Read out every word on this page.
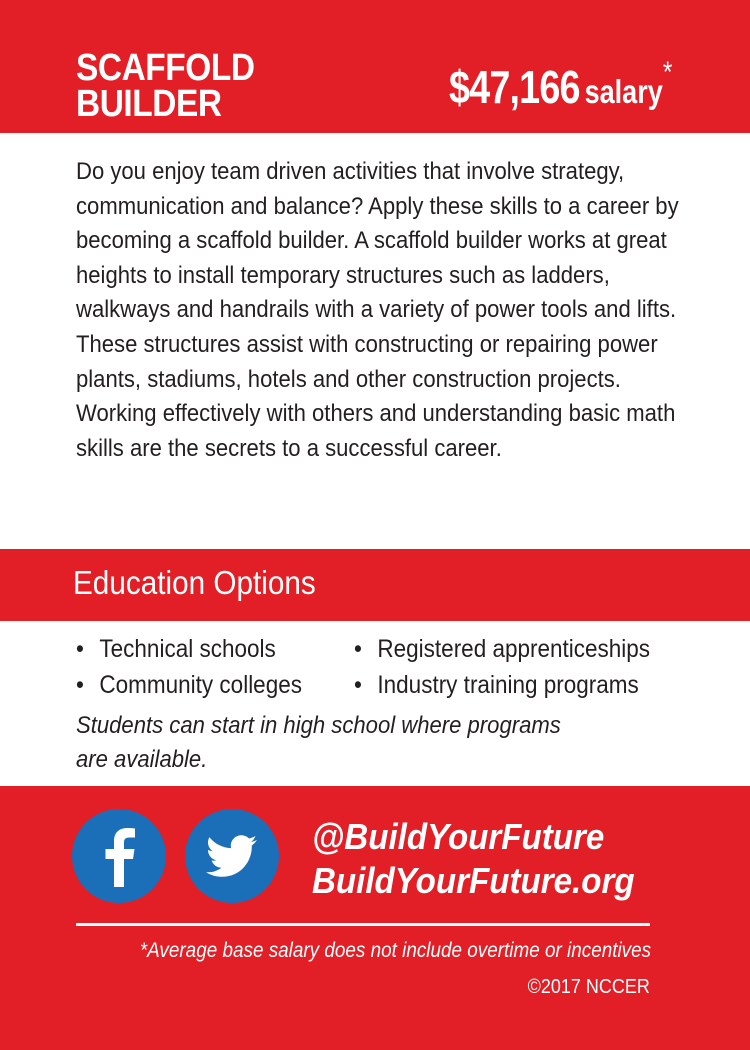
SCAFFOLD
BUILDER	$47,166 salary*

Do you enjoy team driven activities that involve strategy, communication and balance? Apply these skills to a career by becoming a scaffold builder. A scaffold builder works at great heights to install temporary structures such as ladders, walkways and handrails with a variety of power tools and lifts. These structures assist with constructing or repairing power plants, stadiums, hotels and other construction projects. Working effectively with others and understanding basic math skills are the secrets to a successful career.

Education Options
• Technical schools
• Community colleges
• Registered apprenticeships
• Industry training programs

Students can start in high school where programs
are available.

@BuildYourFuture

BuildYourFuture.org

*Average base salary does not include overtime or incentives

©2017 NCCER
